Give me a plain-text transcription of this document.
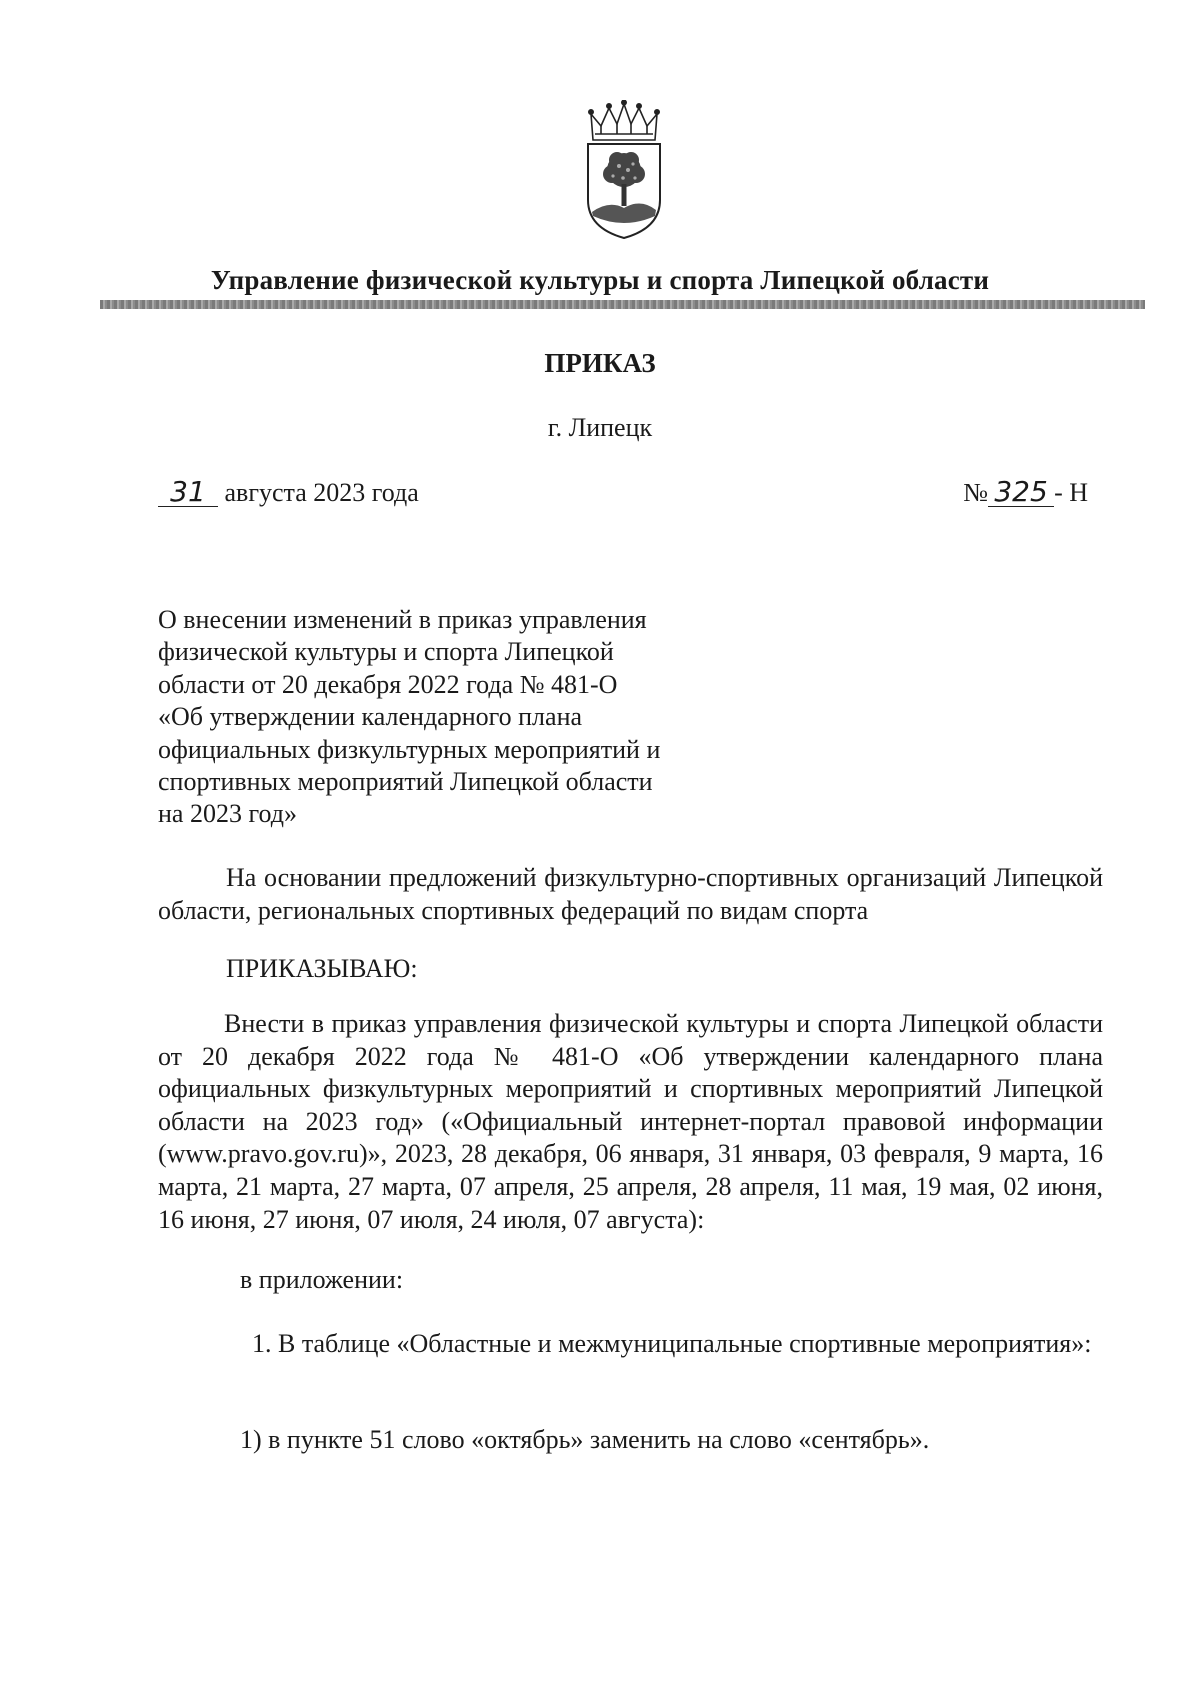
Управление физической культуры и спорта Липецкой области
ПРИКАЗ
г. Липецк
31 августа 2023 года	№ 325 - Н
О внесении изменений в приказ управления
физической культуры и спорта Липецкой
области от 20 декабря 2022 года № 481-О
«Об утверждении календарного плана
официальных физкультурных мероприятий и
спортивных мероприятий Липецкой области
на 2023 год»
На основании предложений физкультурно-спортивных организаций Липецкой области, региональных спортивных федераций по видам спорта
ПРИКАЗЫВАЮ:
Внести в приказ управления физической культуры и спорта Липецкой области от 20 декабря 2022 года № 481-О «Об утверждении календарного плана официальных физкультурных мероприятий и спортивных мероприятий Липецкой области на 2023 год» («Официальный интернет-портал правовой информации (www.pravo.gov.ru)», 2023, 28 декабря, 06 января, 31 января, 03 февраля, 9 марта, 16 марта, 21 марта, 27 марта, 07 апреля, 25 апреля, 28 апреля, 11 мая, 19 мая, 02 июня, 16 июня, 27 июня, 07 июля, 24 июля, 07 августа):
в приложении:
1. В таблице «Областные и межмуниципальные спортивные мероприятия»:
1) в пункте 51 слово «октябрь» заменить на слово «сентябрь».
